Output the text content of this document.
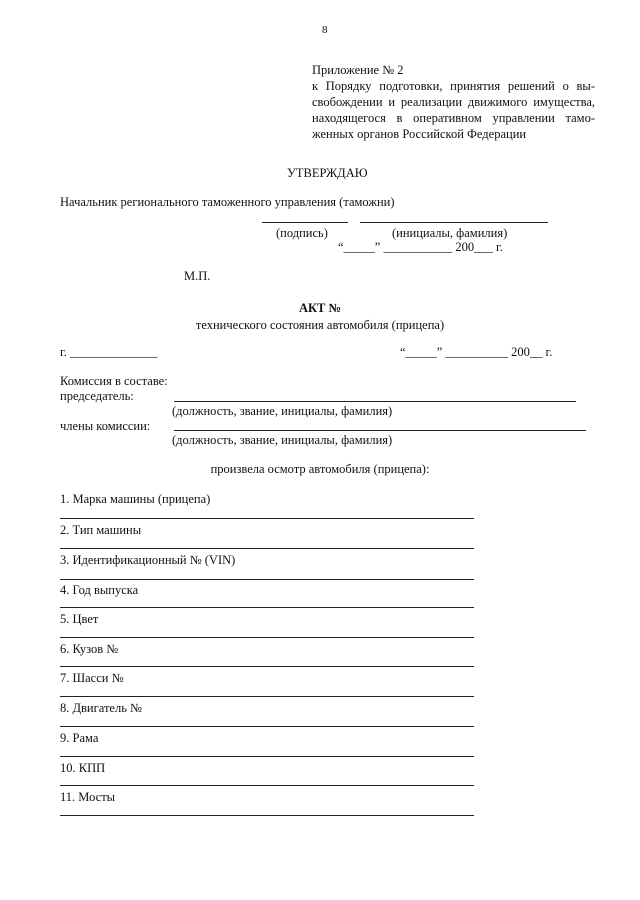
8
Приложение № 2
к Порядку подготовки, принятия решений о вы-
свобождении и реализации движимого имущества,
находящегося в оперативном управлении тамо-
женных органов Российской Федерации
УТВЕРЖДАЮ
Начальник регионального таможенного управления (таможни)
(подпись)	(инициалы, фамилия)
“_____” ___________ 200___ г.
М.П.
АКТ №
технического состояния автомобиля (прицепа)
г. ______________	“_____” __________ 200__ г.
Комиссия в составе:
председатель:
(должность, звание, инициалы, фамилия)
члены комиссии:
(должность, звание, инициалы, фамилия)
произвела осмотр автомобиля (прицепа):
1. Марка машины (прицепа)
2. Тип машины
3. Идентификационный № (VIN)
4. Год выпуска
5. Цвет
6. Кузов №
7. Шасси №
8. Двигатель №
9. Рама
10. КПП
11. Мосты
